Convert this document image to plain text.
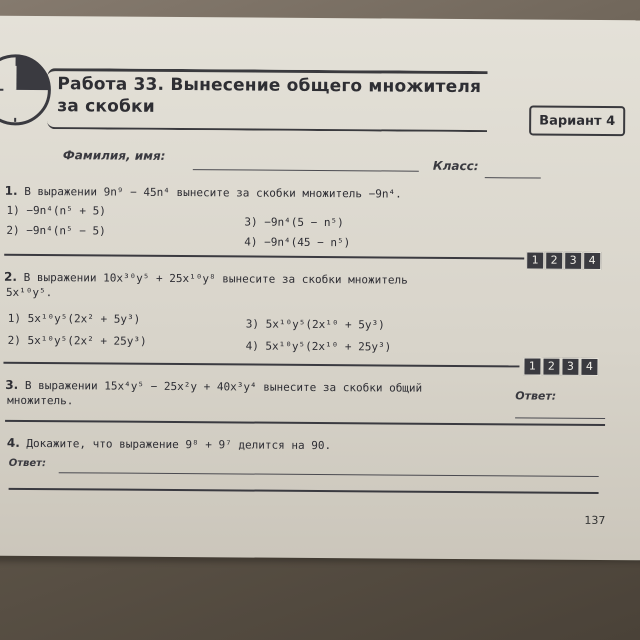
Работа 33. Вынесение общего множителя
за скобки
Вариант 4
Фамилия, имя:
Класс:
1. В выражении 9n⁹ − 45n⁴ вынесите за скобки множитель −9n⁴.
1) −9n⁴(n⁵ + 5)
2) −9n⁴(n⁵ − 5)
3) −9n⁴(5 − n⁵)
4) −9n⁴(45 − n⁵)
1	2	3	4
2. В выражении 10x³⁰y⁵ + 25x¹⁰y⁸ вынесите за скобки множитель
5x¹⁰y⁵.
1) 5x¹⁰y⁵(2x² + 5y³)
2) 5x¹⁰y⁵(2x² + 25y³)
3) 5x¹⁰y⁵(2x¹⁰ + 5y³)
4) 5x¹⁰y⁵(2x¹⁰ + 25y³)
1	2	3	4
3. В выражении 15x⁴y⁵ − 25x²y + 40x³y⁴ вынесите за скобки общий
множитель.	Ответ:
4. Докажите, что выражение 9⁸ + 9⁷ делится на 90.
Ответ:
137
